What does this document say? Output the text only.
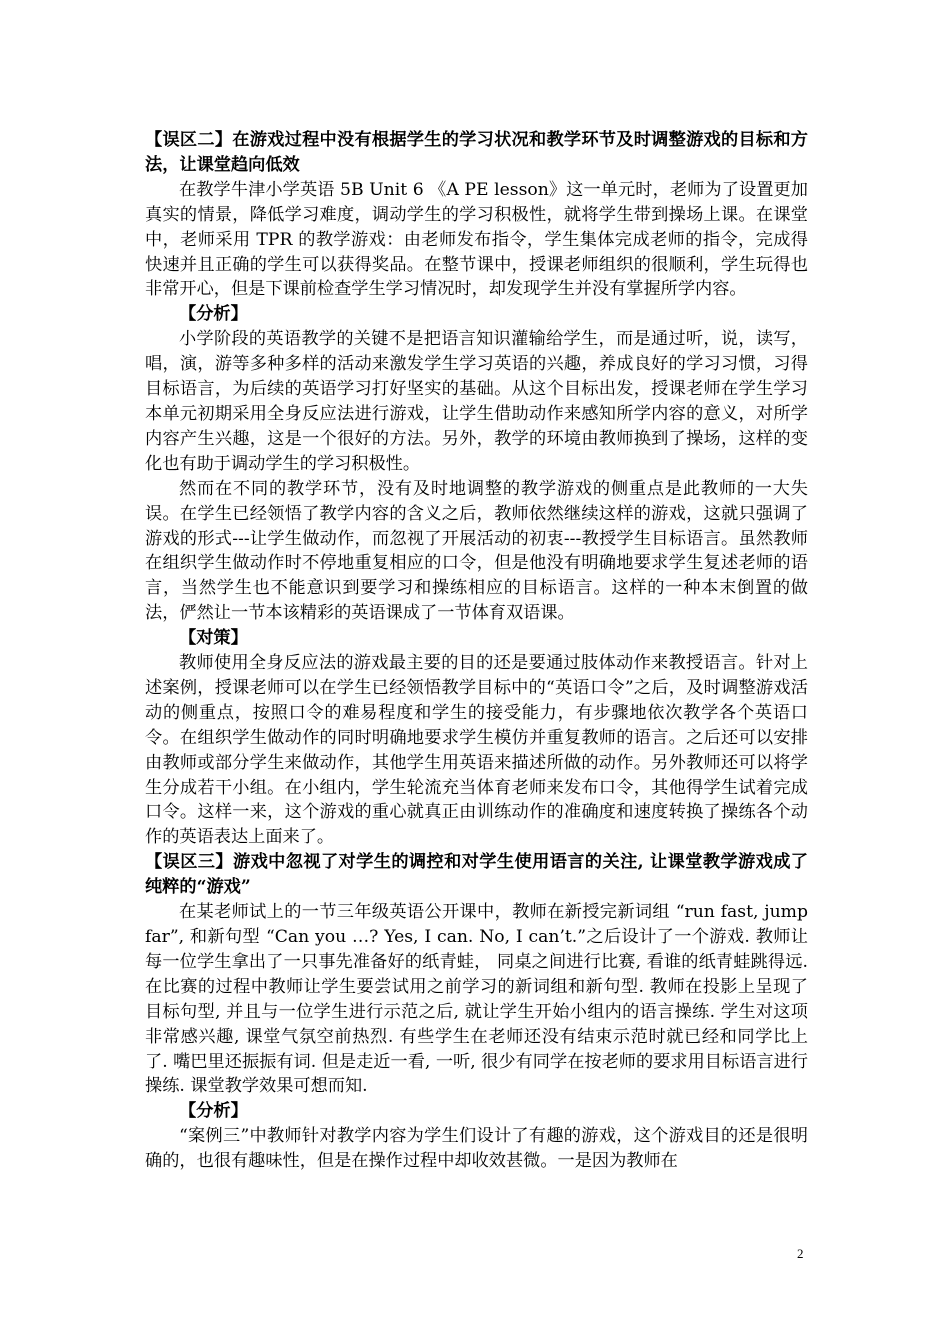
【误区二】在游戏过程中没有根据学生的学习状况和教学环节及时调整游戏的目标和方法，让课堂趋向低效

在教学牛津小学英语 5B Unit 6 《A PE lesson》这一单元时，老师为了设置更加真实的情景，降低学习难度，调动学生的学习积极性，就将学生带到操场上课。在课堂中，老师采用 TPR 的教学游戏：由老师发布指令，学生集体完成老师的指令，完成得快速并且正确的学生可以获得奖品。在整节课中，授课老师组织的很顺利，学生玩得也非常开心，但是下课前检查学生学习情况时，却发现学生并没有掌握所学内容。

【分析】

小学阶段的英语教学的关键不是把语言知识灌输给学生，而是通过听，说，读写，唱，演，游等多种多样的活动来激发学生学习英语的兴趣，养成良好的学习习惯，习得目标语言，为后续的英语学习打好坚实的基础。从这个目标出发，授课老师在学生学习本单元初期采用全身反应法进行游戏，让学生借助动作来感知所学内容的意义，对所学内容产生兴趣，这是一个很好的方法。另外，教学的环境由教师换到了操场，这样的变化也有助于调动学生的学习积极性。

然而在不同的教学环节，没有及时地调整的教学游戏的侧重点是此教师的一大失误。在学生已经领悟了教学内容的含义之后，教师依然继续这样的游戏，这就只强调了游戏的形式---让学生做动作，而忽视了开展活动的初衷---教授学生目标语言。虽然教师在组织学生做动作时不停地重复相应的口令，但是他没有明确地要求学生复述老师的语言，当然学生也不能意识到要学习和操练相应的目标语言。这样的一种本末倒置的做法，俨然让一节本该精彩的英语课成了一节体育双语课。

【对策】

教师使用全身反应法的游戏最主要的目的还是要通过肢体动作来教授语言。针对上述案例，授课老师可以在学生已经领悟教学目标中的“英语口令”之后，及时调整游戏活动的侧重点，按照口令的难易程度和学生的接受能力，有步骤地依次教学各个英语口令。在组织学生做动作的同时明确地要求学生模仿并重复教师的语言。之后还可以安排由教师或部分学生来做动作，其他学生用英语来描述所做的动作。另外教师还可以将学生分成若干小组。在小组内，学生轮流充当体育老师来发布口令，其他得学生试着完成口令。这样一来，这个游戏的重心就真正由训练动作的准确度和速度转换了操练各个动作的英语表达上面来了。

【误区三】游戏中忽视了对学生的调控和对学生使用语言的关注, 让课堂教学游戏成了纯粹的“游戏”

在某老师试上的一节三年级英语公开课中，教师在新授完新词组 “run fast, jump far”, 和新句型 “Can you …? Yes, I can. No, I can’t.”之后设计了一个游戏. 教师让每一位学生拿出了一只事先准备好的纸青蛙， 同桌之间进行比赛, 看谁的纸青蛙跳得远. 在比赛的过程中教师让学生要尝试用之前学习的新词组和新句型. 教师在投影上呈现了目标句型, 并且与一位学生进行示范之后, 就让学生开始小组内的语言操练. 学生对这项非常感兴趣, 课堂气氛空前热烈. 有些学生在老师还没有结束示范时就已经和同学比上了. 嘴巴里还振振有词. 但是走近一看, 一听, 很少有同学在按老师的要求用目标语言进行操练. 课堂教学效果可想而知.

【分析】

“案例三”中教师针对教学内容为学生们设计了有趣的游戏，这个游戏目的还是很明确的，也很有趣味性，但是在操作过程中却收效甚微。一是因为教师在

2
